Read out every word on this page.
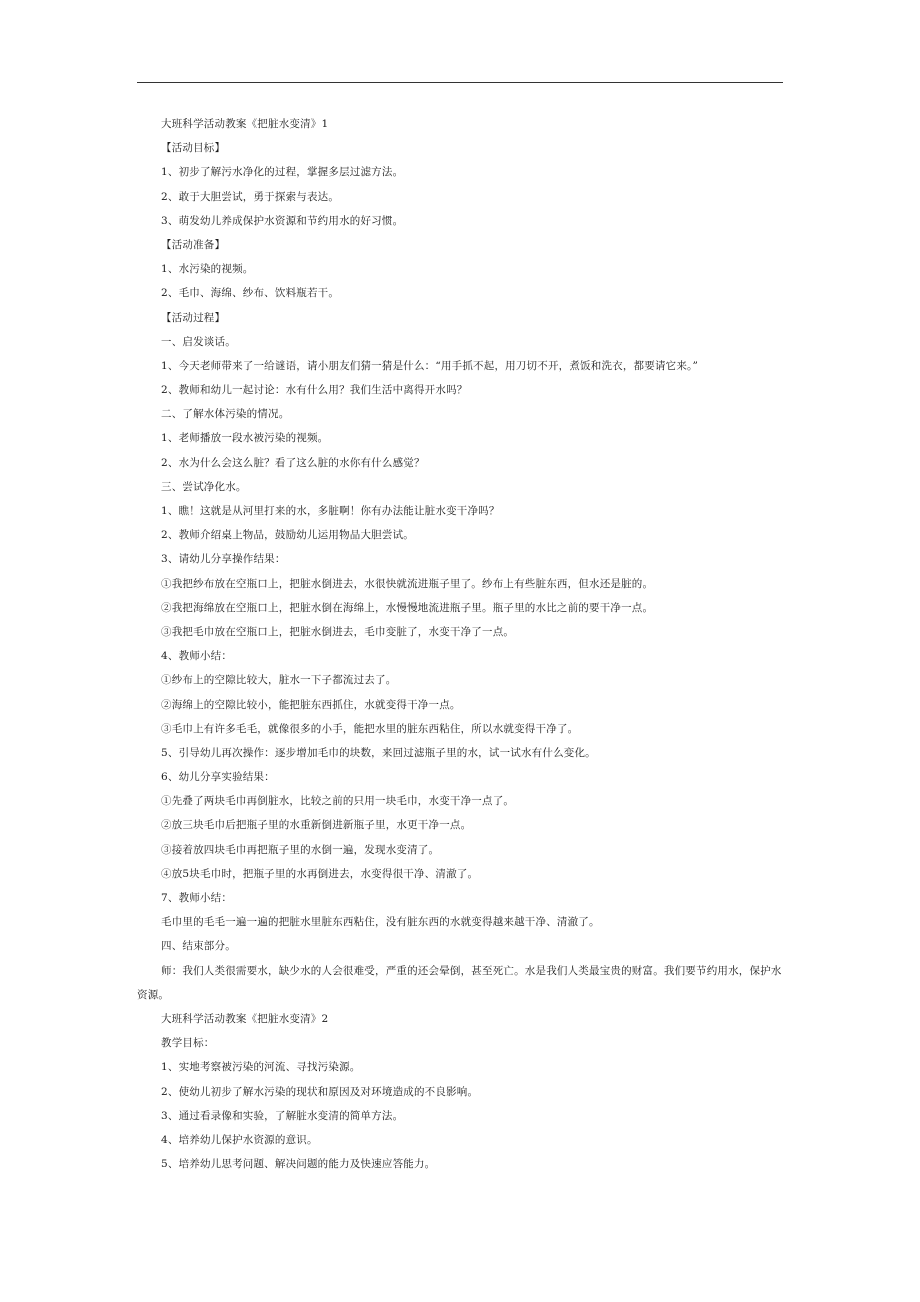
大班科学活动教案《把脏水变清》1
【活动目标】
1、初步了解污水净化的过程，掌握多层过滤方法。
2、敢于大胆尝试，勇于探索与表达。
3、萌发幼儿养成保护水资源和节约用水的好习惯。
【活动准备】
1、水污染的视频。
2、毛巾、海绵、纱布、饮料瓶若干。
【活动过程】
一、启发谈话。
1、今天老师带来了一给谜语，请小朋友们猜一猜是什么：“用手抓不起，用刀切不开，煮饭和洗衣，都要请它来。”
2、教师和幼儿一起讨论：水有什么用？我们生活中离得开水吗？
二、了解水体污染的情况。
1、老师播放一段水被污染的视频。
2、水为什么会这么脏？看了这么脏的水你有什么感觉？
三、尝试净化水。
1、瞧！这就是从河里打来的水，多脏啊！你有办法能让脏水变干净吗？
2、教师介绍桌上物品，鼓励幼儿运用物品大胆尝试。
3、请幼儿分享操作结果：
①我把纱布放在空瓶口上，把脏水倒进去，水很快就流进瓶子里了。纱布上有些脏东西，但水还是脏的。
②我把海绵放在空瓶口上，把脏水倒在海绵上，水慢慢地流进瓶子里。瓶子里的水比之前的要干净一点。
③我把毛巾放在空瓶口上，把脏水倒进去，毛巾变脏了，水变干净了一点。
4、教师小结：
①纱布上的空隙比较大，脏水一下子都流过去了。
②海绵上的空隙比较小，能把脏东西抓住，水就变得干净一点。
③毛巾上有许多毛毛，就像很多的小手，能把水里的脏东西粘住，所以水就变得干净了。
5、引导幼儿再次操作：逐步增加毛巾的块数，来回过滤瓶子里的水，试一试水有什么变化。
6、幼儿分享实验结果：
①先叠了两块毛巾再倒脏水，比较之前的只用一块毛巾，水变干净一点了。
②放三块毛巾后把瓶子里的水重新倒进新瓶子里，水更干净一点。
③接着放四块毛巾再把瓶子里的水倒一遍，发现水变清了。
④放5块毛巾时，把瓶子里的水再倒进去，水变得很干净、清澈了。
7、教师小结：
毛巾里的毛毛一遍一遍的把脏水里脏东西粘住，没有脏东西的水就变得越来越干净、清澈了。
四、结束部分。
师：我们人类很需要水，缺少水的人会很难受，严重的还会晕倒，甚至死亡。水是我们人类最宝贵的财富。我们要节约用水，保护水资源。
大班科学活动教案《把脏水变清》2
教学目标：
1、实地考察被污染的河流、寻找污染源。
2、使幼儿初步了解水污染的现状和原因及对环境造成的不良影响。
3、通过看录像和实验，了解脏水变清的简单方法。
4、培养幼儿保护水资源的意识。
5、培养幼儿思考问题、解决问题的能力及快速应答能力。
